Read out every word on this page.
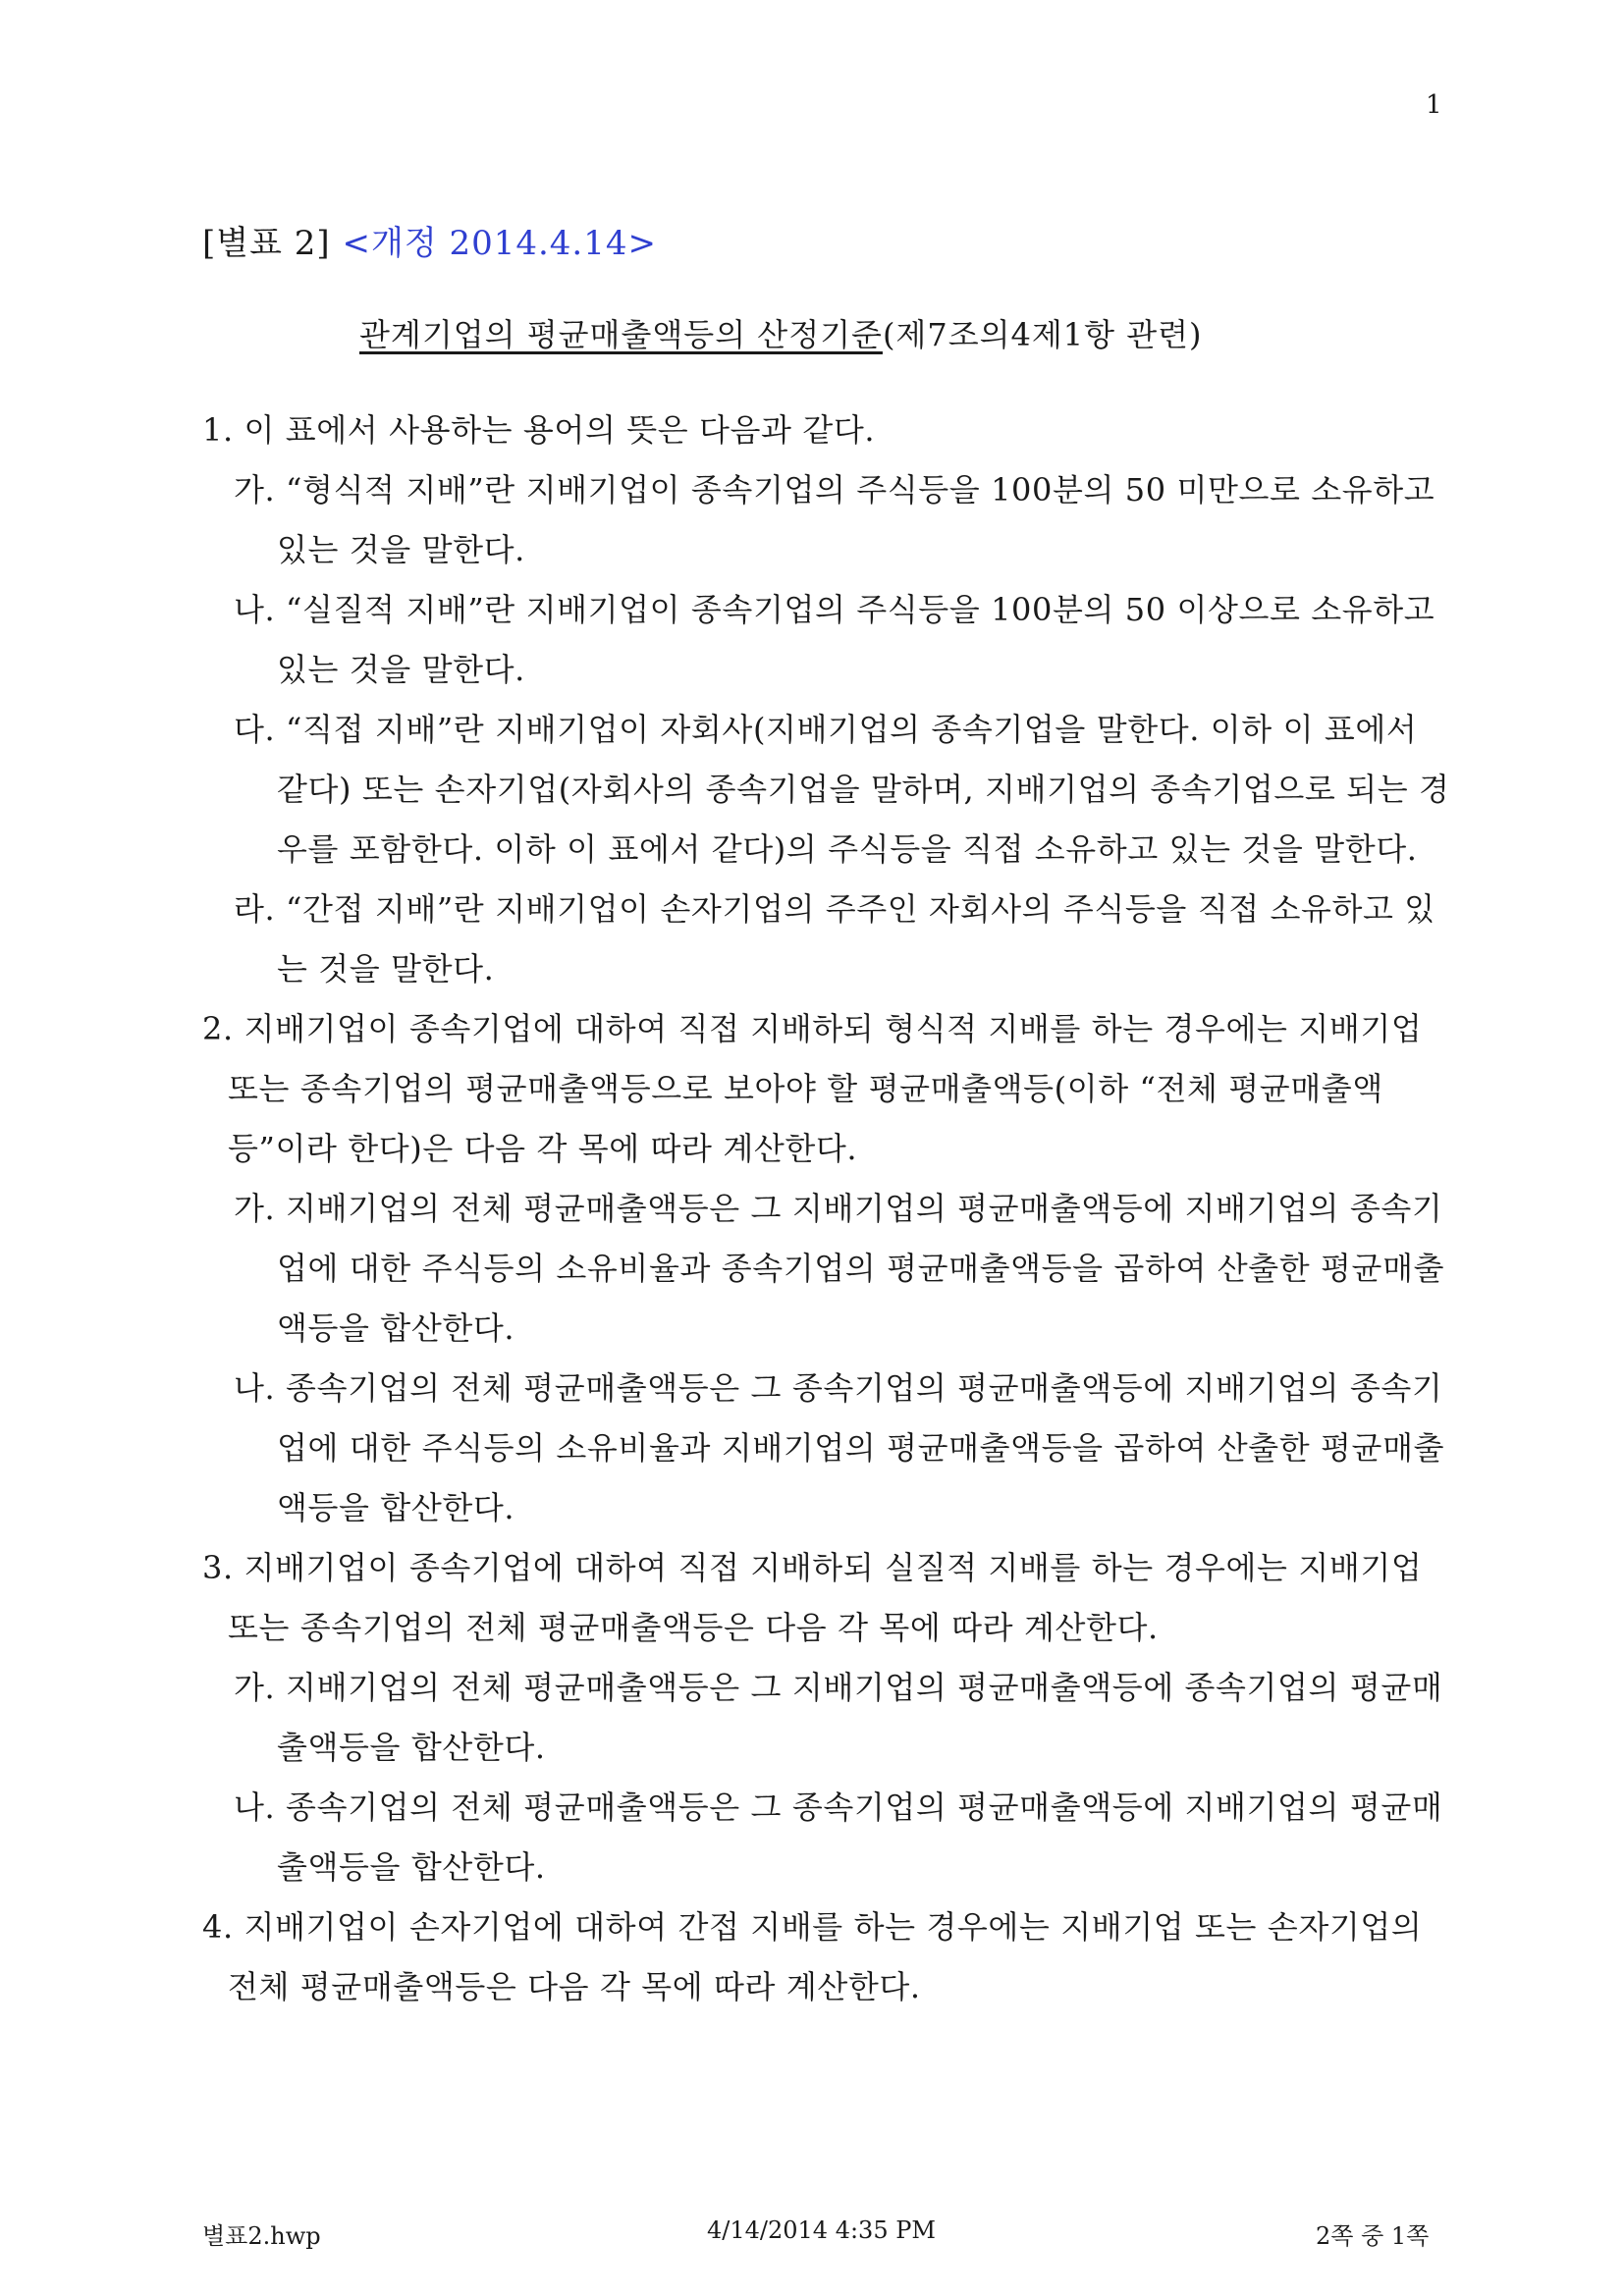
1
[별표 2] <개정 2014.4.14>
관계기업의 평균매출액등의 산정기준(제7조의4제1항 관련)

1. 이 표에서 사용하는 용어의 뜻은 다음과 같다.

가. “형식적 지배”란 지배기업이 종속기업의 주식등을 100분의 50 미만으로 소유하고 있는 것을 말한다.

나. “실질적 지배”란 지배기업이 종속기업의 주식등을 100분의 50 이상으로 소유하고 있는 것을 말한다.

다. “직접 지배”란 지배기업이 자회사(지배기업의 종속기업을 말한다. 이하 이 표에서 같다) 또는 손자기업(자회사의 종속기업을 말하며, 지배기업의 종속기업으로 되는 경우를 포함한다. 이하 이 표에서 같다)의 주식등을 직접 소유하고 있는 것을 말한다.

라. “간접 지배”란 지배기업이 손자기업의 주주인 자회사의 주식등을 직접 소유하고 있는 것을 말한다.

2. 지배기업이 종속기업에 대하여 직접 지배하되 형식적 지배를 하는 경우에는 지배기업 또는 종속기업의 평균매출액등으로 보아야 할 평균매출액등(이하 “전체 평균매출액등”이라 한다)은 다음 각 목에 따라 계산한다.

가. 지배기업의 전체 평균매출액등은 그 지배기업의 평균매출액등에 지배기업의 종속기업에 대한 주식등의 소유비율과 종속기업의 평균매출액등을 곱하여 산출한 평균매출액등을 합산한다.

나. 종속기업의 전체 평균매출액등은 그 종속기업의 평균매출액등에 지배기업의 종속기업에 대한 주식등의 소유비율과 지배기업의 평균매출액등을 곱하여 산출한 평균매출액등을 합산한다.

3. 지배기업이 종속기업에 대하여 직접 지배하되 실질적 지배를 하는 경우에는 지배기업 또는 종속기업의 전체 평균매출액등은 다음 각 목에 따라 계산한다.

가. 지배기업의 전체 평균매출액등은 그 지배기업의 평균매출액등에 종속기업의 평균매출액등을 합산한다.

나. 종속기업의 전체 평균매출액등은 그 종속기업의 평균매출액등에 지배기업의 평균매출액등을 합산한다.

4. 지배기업이 손자기업에 대하여 간접 지배를 하는 경우에는 지배기업 또는 손자기업의 전체 평균매출액등은 다음 각 목에 따라 계산한다.

별표2.hwp	4/14/2014 4:35 PM	2쪽 중 1쪽
